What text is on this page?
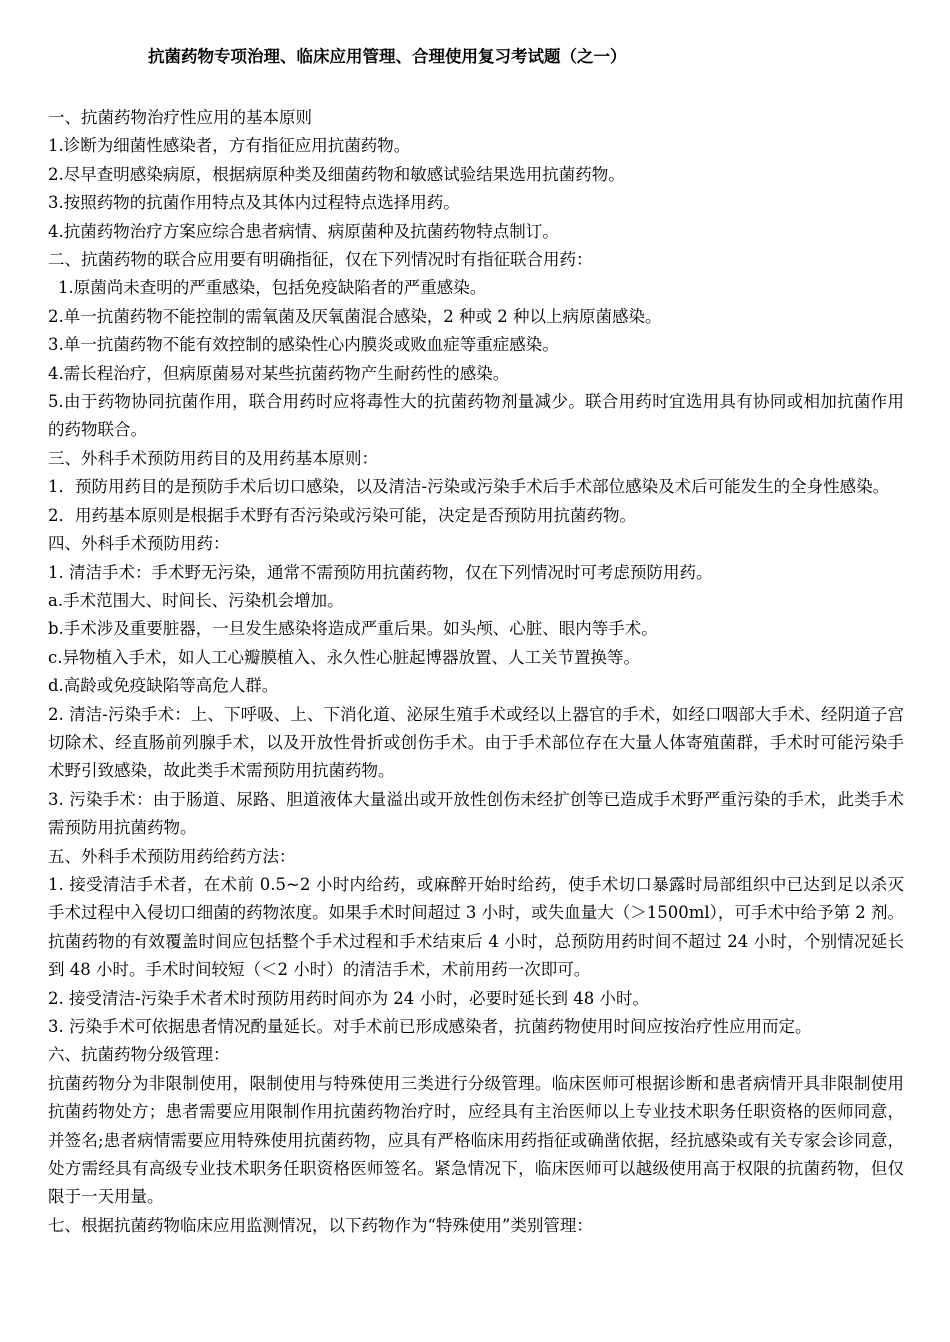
抗菌药物专项治理、临床应用管理、合理使用复习考试题（之一）

一、抗菌药物治疗性应用的基本原则

1.诊断为细菌性感染者，方有指征应用抗菌药物。

2.尽早查明感染病原，根据病原种类及细菌药物和敏感试验结果选用抗菌药物。

3.按照药物的抗菌作用特点及其体内过程特点选择用药。

4.抗菌药物治疗方案应综合患者病情、病原菌种及抗菌药物特点制订。

二、抗菌药物的联合应用要有明确指征，仅在下列情况时有指征联合用药：

1.原菌尚未查明的严重感染，包括免疫缺陷者的严重感染。

2.单一抗菌药物不能控制的需氧菌及厌氧菌混合感染，2 种或 2 种以上病原菌感染。

3.单一抗菌药物不能有效控制的感染性心内膜炎或败血症等重症感染。

4.需长程治疗，但病原菌易对某些抗菌药物产生耐药性的感染。

5.由于药物协同抗菌作用，联合用药时应将毒性大的抗菌药物剂量减少。联合用药时宜选用具有协同或相加抗菌作用的药物联合。

三、外科手术预防用药目的及用药基本原则：

1．预防用药目的是预防手术后切口感染，以及清洁-污染或污染手术后手术部位感染及术后可能发生的全身性感染。

2．用药基本原则是根据手术野有否污染或污染可能，决定是否预防用抗菌药物。

四、外科手术预防用药：

1. 清洁手术：手术野无污染，通常不需预防用抗菌药物，仅在下列情况时可考虑预防用药。

a.手术范围大、时间长、污染机会增加。

b.手术涉及重要脏器，一旦发生感染将造成严重后果。如头颅、心脏、眼内等手术。

c.异物植入手术，如人工心瓣膜植入、永久性心脏起博器放置、人工关节置换等。

d.高龄或免疫缺陷等高危人群。

2. 清洁-污染手术：上、下呼吸、上、下消化道、泌尿生殖手术或经以上器官的手术，如经口咽部大手术、经阴道子宫切除术、经直肠前列腺手术，以及开放性骨折或创伤手术。由于手术部位存在大量人体寄殖菌群，手术时可能污染手术野引致感染，故此类手术需预防用抗菌药物。

3. 污染手术：由于肠道、尿路、胆道液体大量溢出或开放性创伤未经扩创等已造成手术野严重污染的手术，此类手术需预防用抗菌药物。

五、外科手术预防用药给药方法：

1. 接受清洁手术者，在术前 0.5~2 小时内给药，或麻醉开始时给药，使手术切口暴露时局部组织中已达到足以杀灭手术过程中入侵切口细菌的药物浓度。如果手术时间超过 3 小时，或失血量大（＞1500ml），可手术中给予第 2 剂。抗菌药物的有效覆盖时间应包括整个手术过程和手术结束后 4 小时，总预防用药时间不超过 24 小时，个别情况延长到 48 小时。手术时间较短（＜2 小时）的清洁手术，术前用药一次即可。

2. 接受清洁-污染手术者术时预防用药时间亦为 24 小时，必要时延长到 48 小时。

3. 污染手术可依据患者情况酌量延长。对手术前已形成感染者，抗菌药物使用时间应按治疗性应用而定。

六、抗菌药物分级管理：

抗菌药物分为非限制使用，限制使用与特殊使用三类进行分级管理。临床医师可根据诊断和患者病情开具非限制使用抗菌药物处方；患者需要应用限制作用抗菌药物治疗时，应经具有主治医师以上专业技术职务任职资格的医师同意，并签名;患者病情需要应用特殊使用抗菌药物，应具有严格临床用药指征或确凿依据，经抗感染或有关专家会诊同意，处方需经具有高级专业技术职务任职资格医师签名。紧急情况下，临床医师可以越级使用高于权限的抗菌药物，但仅限于一天用量。

七、根据抗菌药物临床应用监测情况，以下药物作为“特殊使用”类别管理：
